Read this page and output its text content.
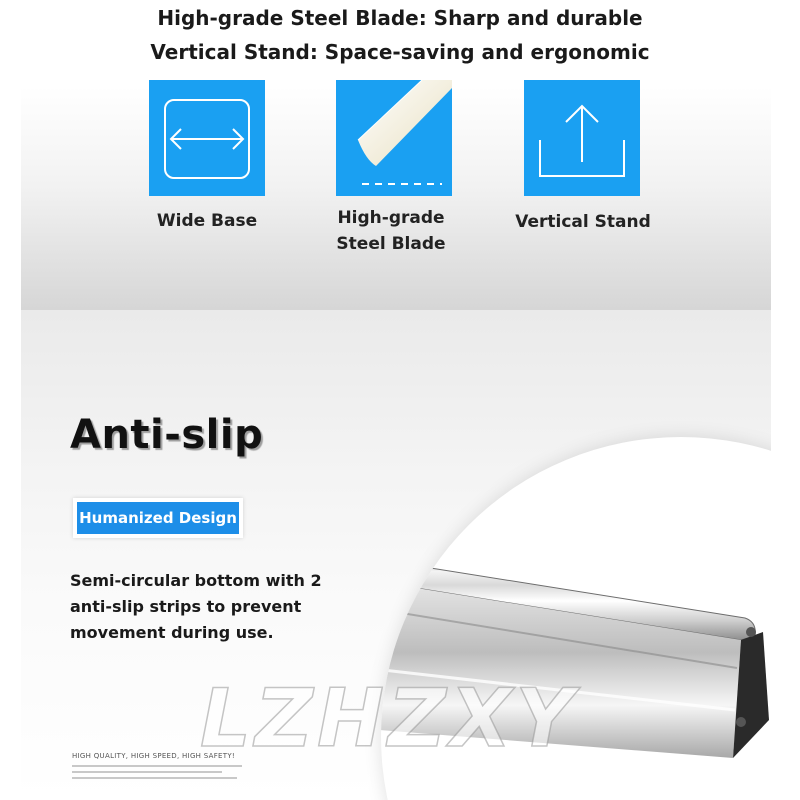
High-grade Steel Blade: Sharp and durable
Vertical Stand: Space-saving and ergonomic
Wide Base	High-grade
Steel Blade
Vertical Stand
Anti-slip
Humanized Design
Semi-circular bottom with 2 anti-slip strips to prevent movement during use.
LZHZXY
HIGH QUALITY, HIGH SPEED, HIGH SAFETY!
